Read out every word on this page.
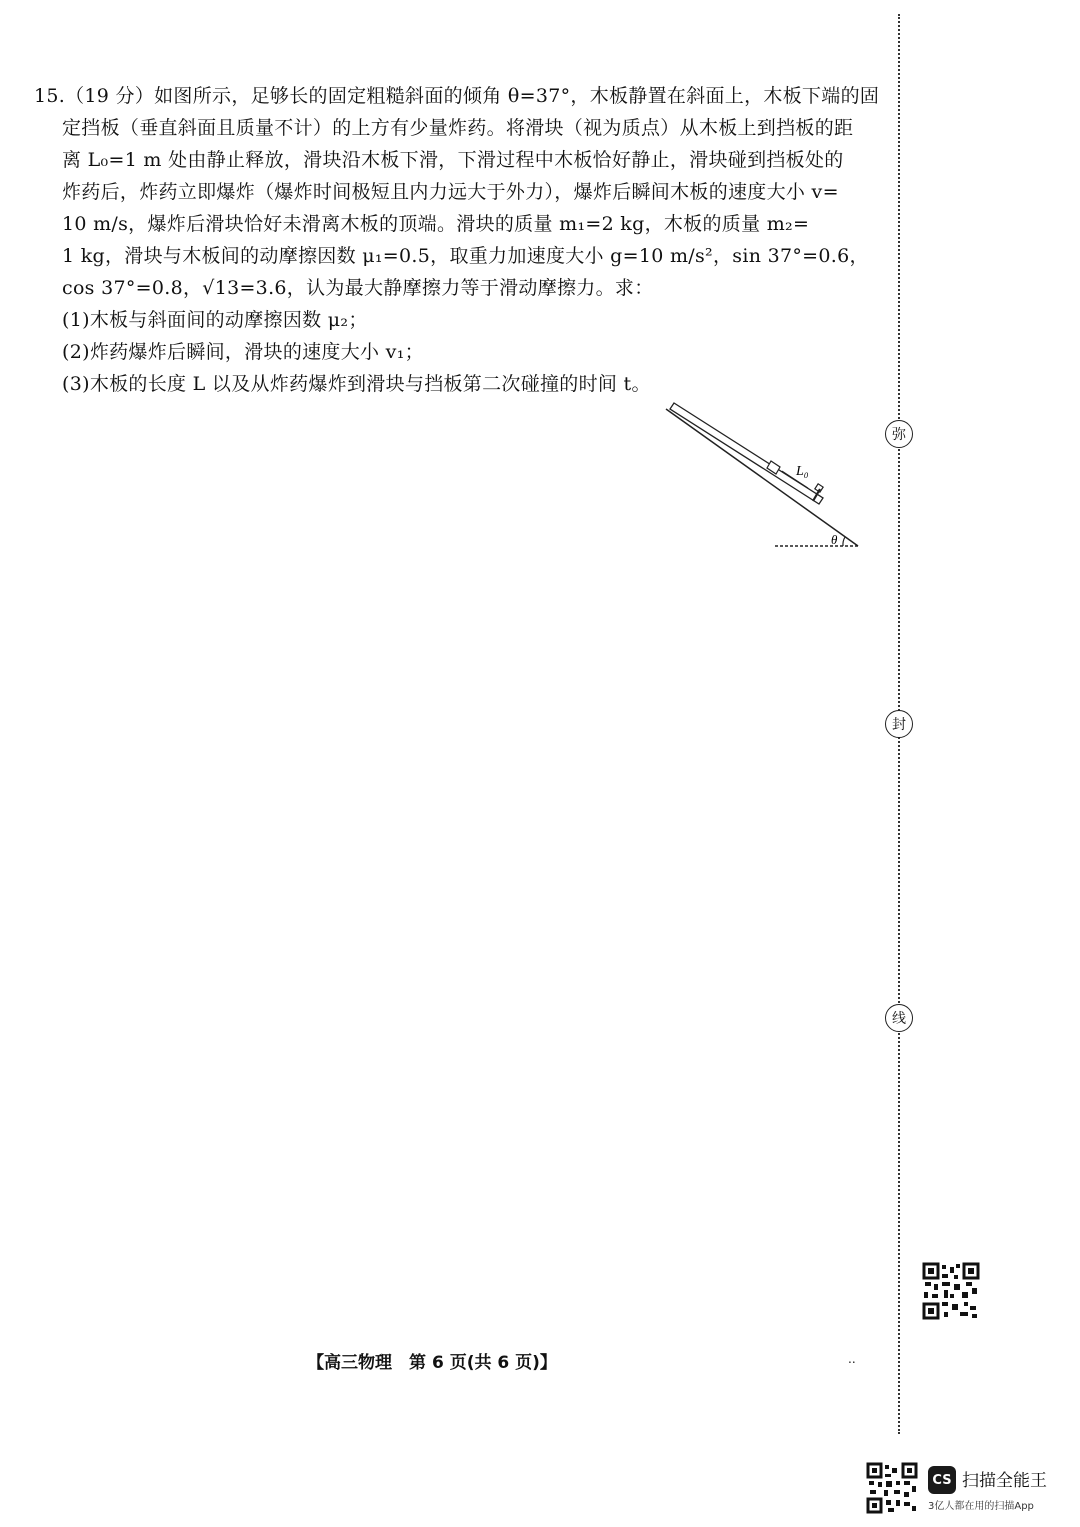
15.（19 分）如图所示，足够长的固定粗糙斜面的倾角 θ=37°，木板静置在斜面上，木板下端的固
定挡板（垂直斜面且质量不计）的上方有少量炸药。将滑块（视为质点）从木板上到挡板的距
离 L₀=1 m 处由静止释放，滑块沿木板下滑，下滑过程中木板恰好静止，滑块碰到挡板处的
炸药后，炸药立即爆炸（爆炸时间极短且内力远大于外力），爆炸后瞬间木板的速度大小 v=
10 m/s，爆炸后滑块恰好未滑离木板的顶端。滑块的质量 m₁=2 kg，木板的质量 m₂=
1 kg，滑块与木板间的动摩擦因数 μ₁=0.5，取重力加速度大小 g=10 m/s²，sin 37°=0.6，
cos 37°=0.8，√13=3.6，认为最大静摩擦力等于滑动摩擦力。求：
(1)木板与斜面间的动摩擦因数 μ₂；
(2)炸药爆炸后瞬间，滑块的速度大小 v₁；
(3)木板的长度 L 以及从炸药爆炸到滑块与挡板第二次碰撞的时间 t。
L₀
θ
弥
封
线
【高三物理　第 6 页(共 6 页)】	..
CS 扫描全能王
3亿人都在用的扫描App
